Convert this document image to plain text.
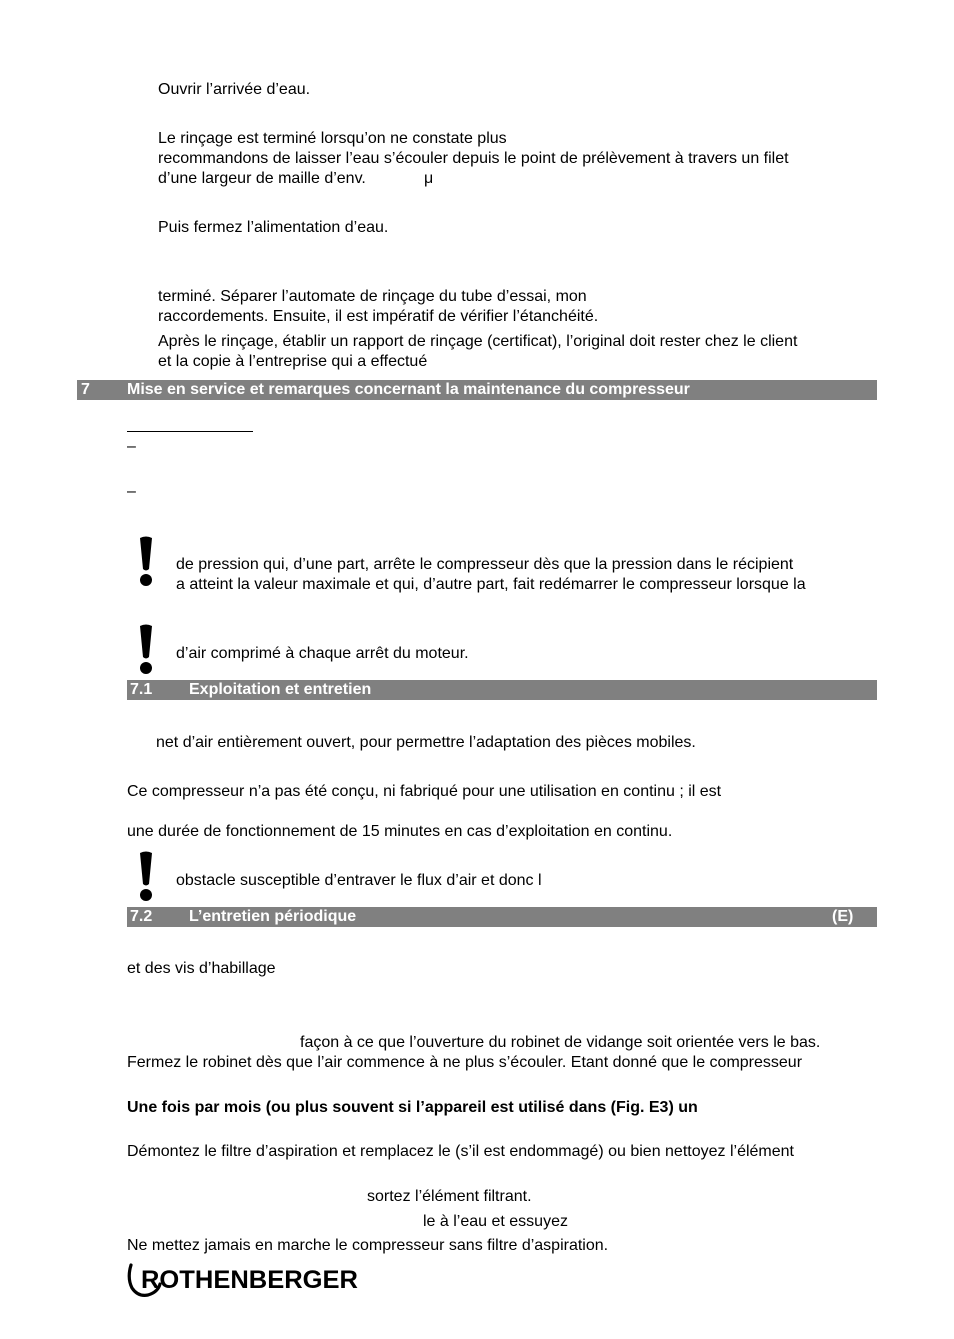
Ouvrir l’arrivée d’eau.
Le rinçage est terminé lorsqu’on ne constate plus
recommandons de laisser l’eau s’écouler depuis le point de prélèvement à travers un filet
d’une largeur de maille d’env.	μ
Puis fermez l’alimentation d’eau.
terminé. Séparer l’automate de rinçage du tube d’essai, mon
raccordements. Ensuite, il est impératif de vérifier l’étanchéité.
Après le rinçage, établir un rapport de rinçage (certificat), l’original doit rester chez le client
et la copie à l’entreprise qui a effectué
7 Mise en service et remarques concernant la maintenance du compresseur
–
–
de pression qui, d’une part, arrête le compresseur dès que la pression dans le récipient
a atteint la valeur maximale et qui, d’autre part, fait redémarrer le compresseur lorsque la
d’air comprimé à chaque arrêt du moteur.
7.1 Exploitation et entretien
net d’air entièrement ouvert, pour permettre l’adaptation des pièces mobiles.
Ce compresseur n’a pas été conçu, ni fabriqué pour une utilisation en continu ; il est
une durée de fonctionnement de 15 minutes en cas d’exploitation en continu.
obstacle susceptible d’entraver le flux d’air et donc l
7.2 L’entretien périodique	(E)
et des vis d’habillage
façon à ce que l’ouverture du robinet de vidange soit orientée vers le bas.
Fermez le robinet dès que l’air commence à ne plus s’écouler. Etant donné que le compresseur
Une fois par mois (ou plus souvent si l’appareil est utilisé dans (Fig. E3) un
Démontez le filtre d’aspiration et remplacez le (s’il est endommagé) ou bien nettoyez l’élément
sortez l’élément filtrant.
le à l’eau et essuyez
Ne mettez jamais en marche le compresseur sans filtre d’aspiration.
ROTHENBERGER
